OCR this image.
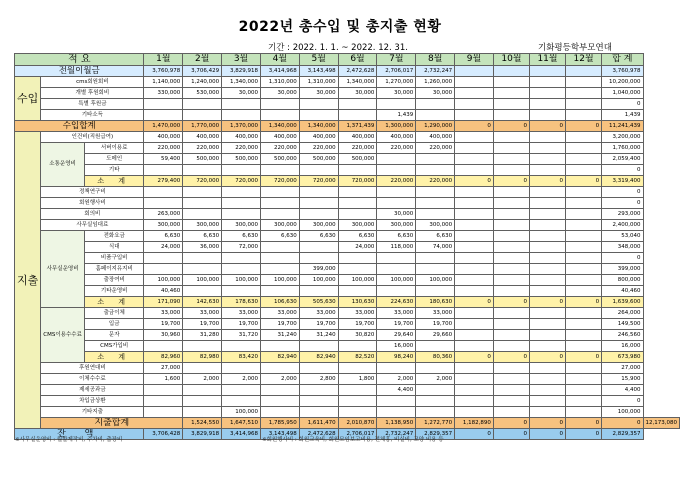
2022년 총수입 및 총지출 현황
기간 : 2022. 1. 1. ~ 2022. 12. 31.	기화평등학부모연대
적 요			1월	2월	3월	4월	5월	6월	7월	8월	9월	10월	11월	12월	합 계	
전월이월금			3,760,978	3,706,429	3,829,918	3,414,968	3,143,498	2,472,628	2,706,017	2,732,247					3,760,978	
수입	cms회원회비		1,140,000	1,240,000	1,340,000	1,310,000	1,310,000	1,340,000	1,270,000	1,260,000					10,200,000	
	개별 후원회비		330,000	530,000	30,000	30,000	30,000	30,000	30,000	30,000					1,040,000	
	특별 후원금														0	
	기타소득								1,439						1,439	
수입합계			1,470,000	1,770,000	1,370,000	1,340,000	1,340,000	1,371,439	1,300,000	1,290,000	0	0	0	0	11,241,439	
지출	인건비(직원급여)		400,000	400,000	400,000	400,000	400,000	400,000	400,000	400,000					3,200,000	
	소통운영비	서버이용료	220,000	220,000	220,000	220,000	220,000	220,000	220,000	220,000					1,760,000	
		도메인	59,400	500,000	500,000	500,000	500,000	500,000							2,059,400	
		기타													0	
		소 계	279,400	720,000	720,000	720,000	720,000	720,000	220,000	220,000	0	0	0	0	3,319,400	
	정책연구비														0	
	회원행사비														0	
	회의비		263,000						30,000						293,000	
	사무실임대료		300,000	300,000	300,000	300,000	300,000	300,000	300,000	300,000					2,400,000	
	사무실운영비	전화요금	6,630	6,630	6,630	6,630	6,630	6,630	6,630	6,630					53,040	
		식대	24,000	36,000	72,000			24,000	118,000	74,000					348,000	
		비품구입비													0	
		홈페이지유지비					399,000								399,000	
		출장여비	100,000	100,000	100,000	100,000	100,000	100,000	100,000	100,000					800,000	
		기타운영비	40,460												40,460	
		소 계	171,090	142,630	178,630	106,630	505,630	130,630	224,630	180,630	0	0	0	0	1,639,600	
	CMS이용수수료	출금이체	33,000	33,000	33,000	33,000	33,000	33,000	33,000	33,000					264,000	
		입금	19,700	19,700	19,700	19,700	19,700	19,700	19,700	19,700					149,500	
		문자	30,960	31,280	31,720	31,240	31,240	30,820	29,640	29,660					246,560	
		CMS가입비							16,000						16,000	
		소 계	82,960	82,980	83,420	82,940	82,940	82,520	98,240	80,360	0	0	0	0	673,980	
	후원연대비		27,000												27,000	
	이체수수료		1,600	2,000	2,000	2,000	2,800	1,800	2,000	2,000					15,900	
	제세공과금								4,400						4,400	
	차입금상환														0	
	기타지출				100,000										100,000	
	지출합계			1,524,550	1,647,510	1,785,950	1,611,470	2,010,870	1,138,950	1,272,770	1,182,890	0	0	0	0	12,173,080
잔 액			3,706,428	3,829,918	3,414,968	3,143,498	2,472,628	2,706,017	2,732,247	2,829,357	0	0	0	0	2,829,357	
※사무실운영비 : 월할제작비, 주차비, 출장비	※회원행사비 : 회원교육비, 회원모임보고비용, 전체홍, 비실비, 교양 비용 등
